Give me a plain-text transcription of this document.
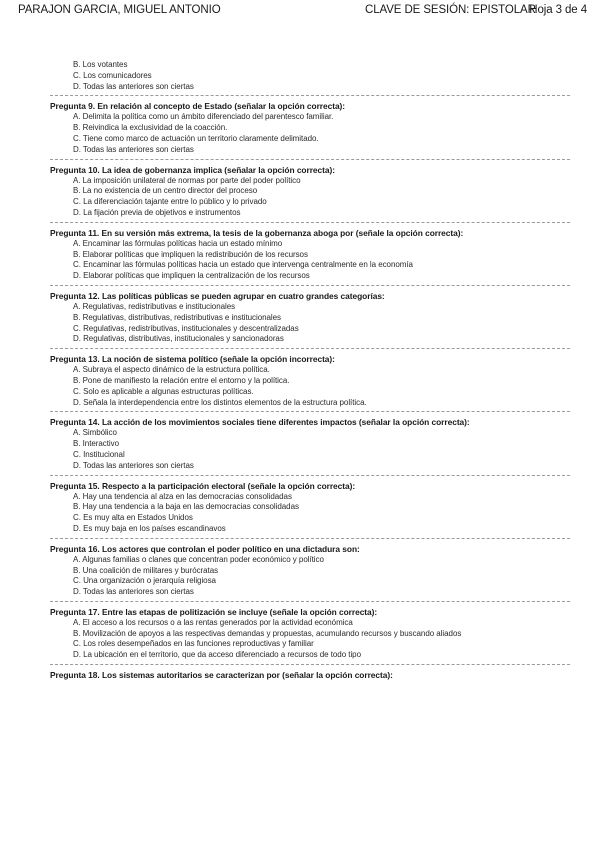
PARAJON GARCIA, MIGUEL ANTONIO	CLAVE DE SESIÓN: EPISTOLAR
Hoja 3 de 4
B. Los votantes
C. Los comunicadores
D. Todas las anteriores son ciertas
Pregunta 9. En relación al concepto de Estado (señalar la opción correcta):
A. Delimita la política como un ámbito diferenciado del parentesco familiar.
B. Reivindica la exclusividad de la coacción.
C. Tiene como marco de actuación un territorio claramente delimitado.
D. Todas las anteriores son ciertas
Pregunta 10. La idea de gobernanza implica (señalar la opción correcta):
A. La imposición unilateral de normas por parte del poder político
B. La no existencia de un centro director del proceso
C. La diferenciación tajante entre lo público y lo privado
D. La fijación previa de objetivos e instrumentos
Pregunta 11. En su versión más extrema, la tesis de la gobernanza aboga por (señale la opción correcta):
A. Encaminar las fórmulas políticas hacia un estado mínimo
B. Elaborar políticas que impliquen la redistribución de los recursos
C. Encaminar las fórmulas políticas hacia un estado que intervenga centralmente en la economía
D. Elaborar políticas que impliquen la centralización de los recursos
Pregunta 12. Las políticas públicas se pueden agrupar en cuatro grandes categorías:
A. Regulativas, redistributivas e institucionales
B. Regulativas, distributivas, redistributivas e institucionales
C. Regulativas, redistributivas, institucionales y descentralizadas
D. Regulativas, distributivas, institucionales y sancionadoras
Pregunta 13. La noción de sistema político (señale la opción incorrecta):
A. Subraya el aspecto dinámico de la estructura política.
B. Pone de manifiesto la relación entre el entorno y la política.
C. Solo es aplicable a algunas estructuras políticas.
D. Señala la interdependencia entre los distintos elementos de la estructura política.
Pregunta 14. La acción de los movimientos sociales tiene diferentes impactos (señalar la opción correcta):
A. Simbólico
B. Interactivo
C. Institucional
D. Todas las anteriores son ciertas
Pregunta 15. Respecto a la participación electoral (señale la opción correcta):
A. Hay una tendencia al alza en las democracias consolidadas
B. Hay una tendencia a la baja en las democracias consolidadas
C. Es muy alta en Estados Unidos
D. Es muy baja en los países escandinavos
Pregunta 16. Los actores que controlan el poder político en una dictadura son:
A. Algunas familias o clanes que concentran poder económico y político
B. Una coalición de militares y burócratas
C. Una organización o jerarquía religiosa
D. Todas las anteriores son ciertas
Pregunta 17. Entre las etapas de politización se incluye (señale la opción correcta):
A. El acceso a los recursos o a las rentas generados por la actividad económica
B. Movilización de apoyos a las respectivas demandas y propuestas, acumulando recursos y buscando aliados
C. Los roles desempeñados en las funciones reproductivas y familiar
D. La ubicación en el territorio, que da acceso diferenciado a recursos de todo tipo
Pregunta 18. Los sistemas autoritarios se caracterizan por (señalar la opción correcta):
